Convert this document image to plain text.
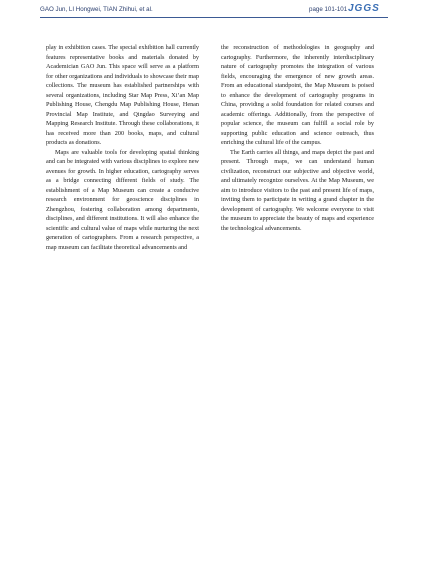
GAO Jun, LI Hongwei, TIAN Zhihui, et al.	page 101-101 JGGS

play in exhibition cases. The special exhibition hall currently features representative books and materials donated by Academician GAO Jun. This space will serve as a platform for other organizations and individuals to showcase their map collections. The museum has established partnerships with several organizations, including Star Map Press, Xi’an Map Publishing House, Chengdu Map Publishing House, Henan Provincial Map Institute, and Qingdao Surveying and Mapping Research Institute. Through these collaborations, it has received more than 200 books, maps, and cultural products as donations.

Maps are valuable tools for developing spatial thinking and can be integrated with various disciplines to explore new avenues for growth. In higher education, cartography serves as a bridge connecting different fields of study. The establishment of a Map Museum can create a conducive research environment for geoscience disciplines in Zhengzhou, fostering collaboration among departments, disciplines, and different institutions. It will also enhance the scientific and cultural value of maps while nurturing the next generation of cartographers. From a research perspective, a map museum can facilitate theoretical advancements and

the reconstruction of methodologies in geography and cartography. Furthermore, the inherently interdisciplinary nature of cartography promotes the integration of various fields, encouraging the emergence of new growth areas. From an educational standpoint, the Map Museum is poised to enhance the development of cartography programs in China, providing a solid foundation for related courses and academic offerings. Additionally, from the perspective of popular science, the museum can fulfill a social role by supporting public education and science outreach, thus enriching the cultural life of the campus.

The Earth carries all things, and maps depict the past and present. Through maps, we can understand human civilization, reconstruct our subjective and objective world, and ultimately recognize ourselves. At the Map Museum, we aim to introduce visitors to the past and present life of maps, inviting them to participate in writing a grand chapter in the development of cartography. We welcome everyone to visit the museum to appreciate the beauty of maps and experience the technological advancements.
